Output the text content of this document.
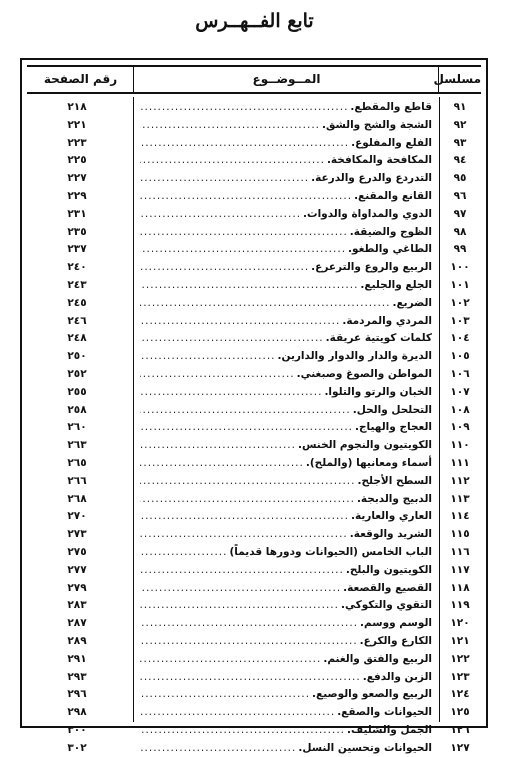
تابع الفــهــرس
مسلسل
المــوضــوع
رقم الصفحة
٩١
قاطع والمقطع.
.....
٢١٨
٩٢
الشجة والشج والشق.
.....
٢٢١
٩٣
الفلع والمفلوع.
.....
٢٢٣
٩٤
المكافحة والمكافخة.
.....
٢٢٥
٩٥
التدردع والدرع والدرعة.
.....
٢٢٧
٩٦
القانع والمقنع.
.....
٢٢٩
٩٧
الدوي والمداواة والدوات.
.....
٢٣١
٩٨
الظوج والضيقة.
.....
٢٣٥
٩٩
الطاغي والطغو.
.....
٢٣٧
١٠٠
الربيع والروع والترعرع.
.....
٢٤٠
١٠١
الجلع والجليع.
.....
٢٤٣
١٠٢
الضريع.
.....
٢٤٥
١٠٣
المردي والمردمة.
.....
٢٤٦
١٠٤
كلمات كويتية عريقة.
.....
٢٤٨
١٠٥
الديرة والدار والدوار والدارين.
.....
٢٥٠
١٠٦
المواطن والصوغ وصبغني.
.....
٢٥٢
١٠٧
الخبان والرتو والتلوا.
.....
٢٥٥
١٠٨
التحلحل والحل.
.....
٢٥٨
١٠٩
العجاج والهياج.
.....
٢٦٠
١١٠
الكويتيون والنجوم الخنس.
.....
٢٦٣
١١١
أسماء ومعانيها (والملح).
.....
٢٦٥
١١٢
السطح الأجلح.
.....
٢٦٦
١١٣
الدبيج والدبجة.
.....
٢٦٨
١١٤
العاري والعارية.
.....
٢٧٠
١١٥
الشريد والوقعة.
.....
٢٧٣
١١٦
الباب الخامس (الحيوانات ودورها قديماً)
.....
٢٧٥
١١٧
الكويتيون والبلح.
.....
٢٧٧
١١٨
القصيع والقصعة.
.....
٢٧٩
١١٩
التقوي والتكوكي.
.....
٢٨٣
١٢٠
الوسم ووسم.
.....
٢٨٧
١٢١
الكارع والكرع.
.....
٢٨٩
١٢٢
الربيع والفتق والغنم.
.....
٢٩١
١٢٣
الزبن والدفع.
.....
٢٩٣
١٢٤
الربيع والصعو والوصيع.
.....
٢٩٦
١٢٥
الحيوانات والصقع.
.....
٢٩٨
١٢٦
الجمل والشليف.
.....
٣٠٠
١٢٧
الحيوانات وتحسين النسل.
.....
٣٠٢
